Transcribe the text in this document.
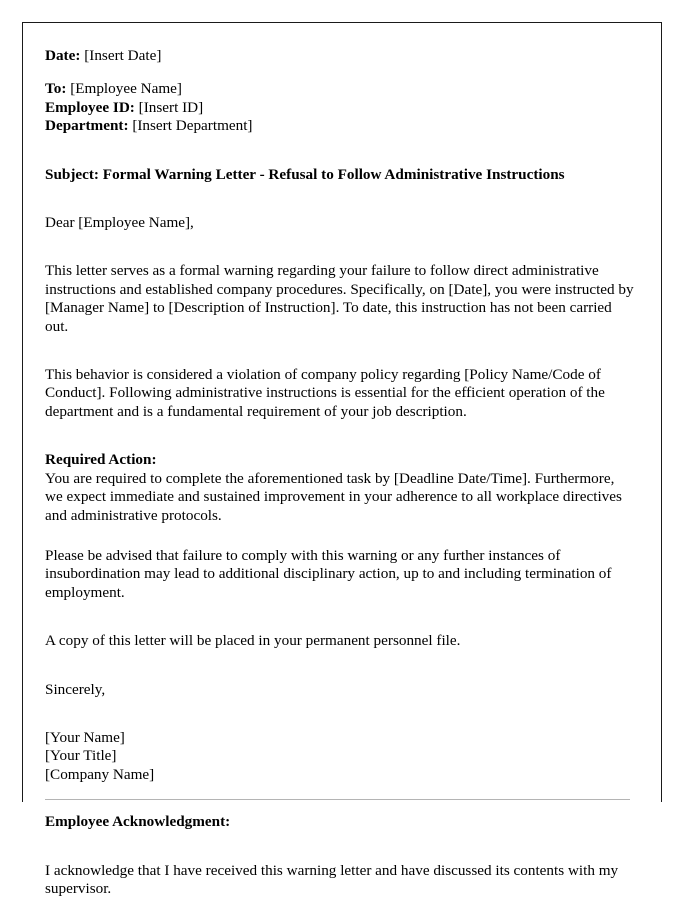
Date: [Insert Date]
To: [Employee Name]
Employee ID: [Insert ID]
Department: [Insert Department]
Subject: Formal Warning Letter - Refusal to Follow Administrative Instructions
Dear [Employee Name],
This letter serves as a formal warning regarding your failure to follow direct administrative instructions and established company procedures. Specifically, on [Date], you were instructed by [Manager Name] to [Description of Instruction]. To date, this instruction has not been carried out.
This behavior is considered a violation of company policy regarding [Policy Name/Code of Conduct]. Following administrative instructions is essential for the efficient operation of the department and is a fundamental requirement of your job description.
Required Action:
You are required to complete the aforementioned task by [Deadline Date/Time]. Furthermore, we expect immediate and sustained improvement in your adherence to all workplace directives and administrative protocols.
Please be advised that failure to comply with this warning or any further instances of insubordination may lead to additional disciplinary action, up to and including termination of employment.
A copy of this letter will be placed in your permanent personnel file.
Sincerely,
[Your Name]
[Your Title]
[Company Name]
Employee Acknowledgment:
I acknowledge that I have received this warning letter and have discussed its contents with my supervisor.
